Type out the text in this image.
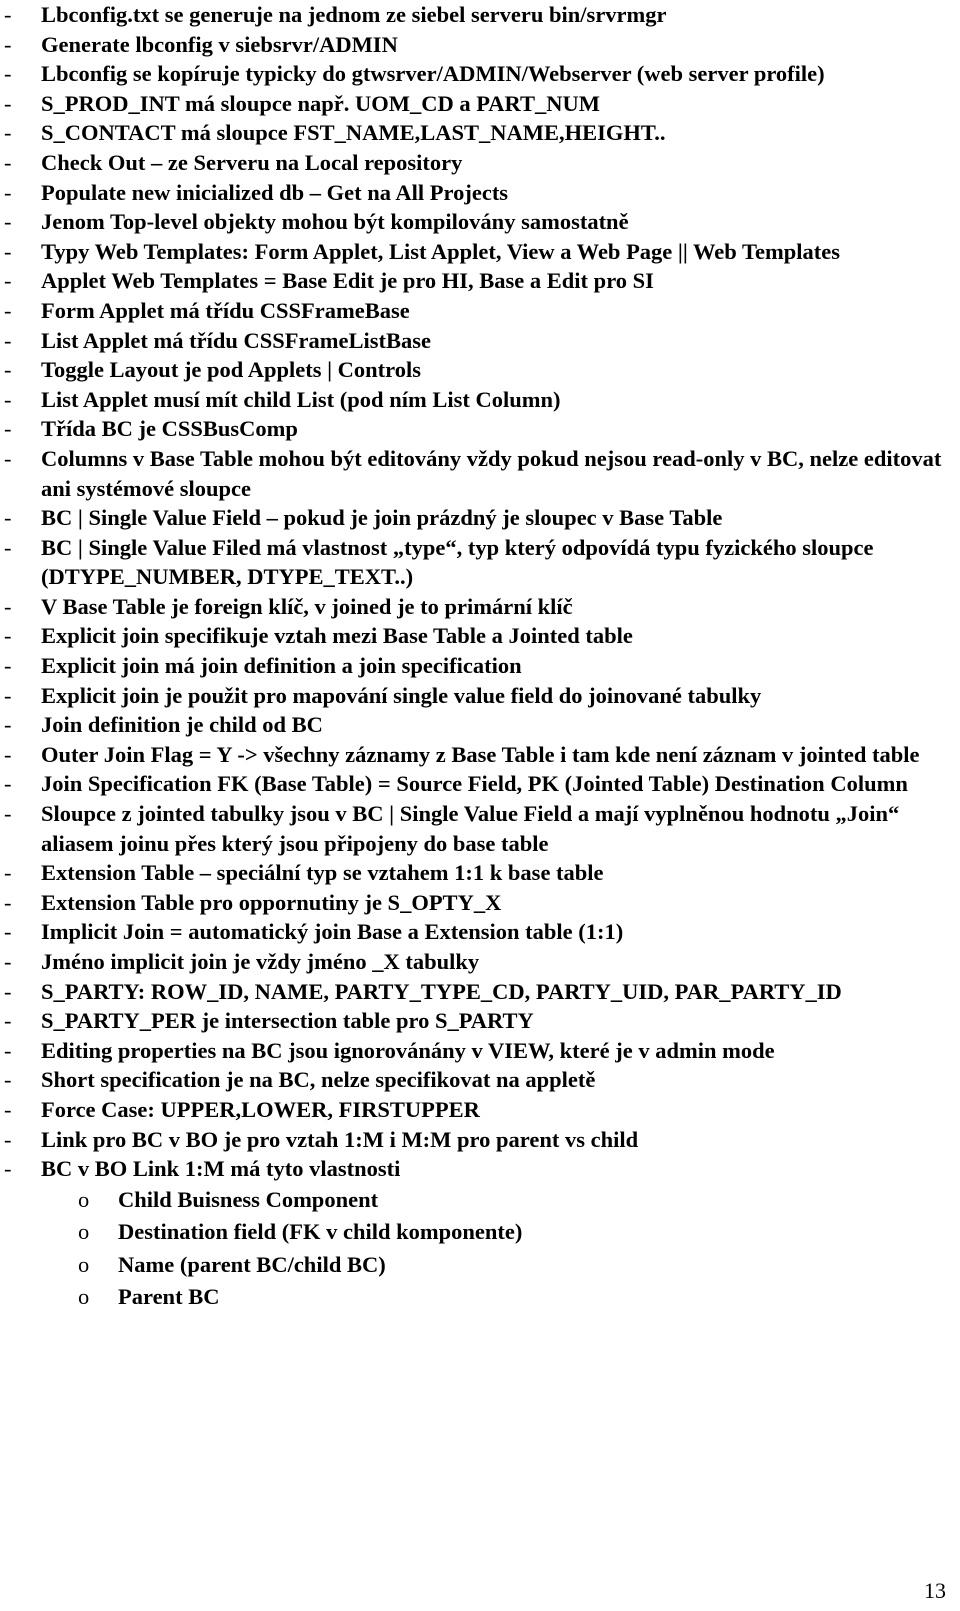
-	Lbconfig.txt se generuje na jednom ze siebel serveru bin/srvrmgr
-	Generate lbconfig v siebsrvr/ADMIN
-	Lbconfig se kopíruje typicky do gtwsrver/ADMIN/Webserver (web server profile)
-	S_PROD_INT má sloupce např. UOM_CD a PART_NUM
-	S_CONTACT má sloupce FST_NAME,LAST_NAME,HEIGHT..
-	Check Out – ze Serveru na Local repository
-	Populate new inicialized db – Get na All Projects
-	Jenom Top-level objekty mohou být kompilovány samostatně
-	Typy Web Templates: Form Applet, List Applet, View a Web Page || Web Templates
-	Applet Web Templates = Base Edit je pro HI, Base a Edit pro SI
-	Form Applet má třídu CSSFrameBase
-	List Applet má třídu CSSFrameListBase
-	Toggle Layout je pod Applets | Controls
-	List Applet musí mít child List (pod ním List Column)
-	Třída BC je CSSBusComp
-	Columns v Base Table mohou být editovány vždy pokud nejsou read-only v BC, nelze editovat ani systémové sloupce
-	BC | Single Value Field – pokud je join prázdný je sloupec v Base Table
-	BC | Single Value Filed má vlastnost „type“, typ který odpovídá typu fyzického sloupce (DTYPE_NUMBER, DTYPE_TEXT..)
-	V Base Table je foreign klíč, v joined je to primární klíč
-	Explicit join specifikuje vztah mezi Base Table a Jointed table
-	Explicit join má join definition a join specification
-	Explicit join je použit pro mapování single value field do joinované tabulky
-	Join definition je child od BC
-	Outer Join Flag = Y -> všechny záznamy z Base Table i tam kde není záznam v jointed table
-	Join Specification FK (Base Table) = Source Field, PK (Jointed Table) Destination Column
-	Sloupce z jointed tabulky jsou v BC | Single Value Field a mají vyplněnou hodnotu „Join“ aliasem joinu přes který jsou připojeny do base table
-	Extension Table – speciální typ se vztahem 1:1 k base table
-	Extension Table pro oppornutiny je S_OPTY_X
-	Implicit Join = automatický join Base a Extension table (1:1)
-	Jméno implicit join je vždy jméno _X tabulky
-	S_PARTY: ROW_ID, NAME, PARTY_TYPE_CD, PARTY_UID, PAR_PARTY_ID
-	S_PARTY_PER je intersection table pro S_PARTY
-	Editing properties na BC jsou ignorovánány v VIEW, které je v admin mode
-	Short specification je na BC, nelze specifikovat na appletě
-	Force Case: UPPER,LOWER, FIRSTUPPER
-	Link pro BC v BO je pro vztah 1:M i M:M pro parent vs child
-	BC v BO Link 1:M má tyto vlastnosti
o	Child Buisness Component
o	Destination field (FK v child komponente)
o	Name (parent BC/child BC)
o	Parent BC
13
